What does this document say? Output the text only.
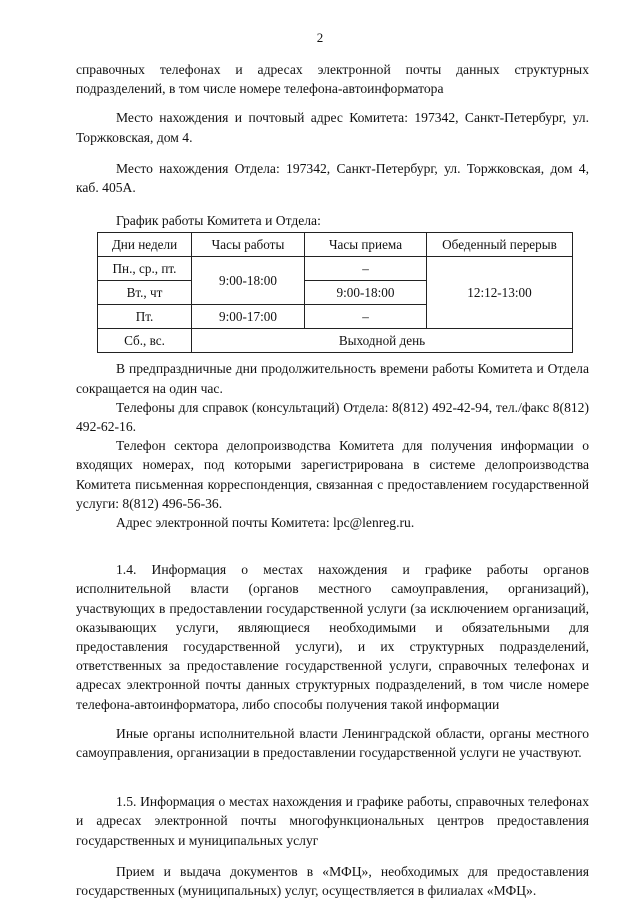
2

справочных телефонах и адресах электронной почты данных структурных подразделений, в том числе номере телефона-автоинформатора

Место нахождения и почтовый адрес Комитета: 197342, Санкт-Петербург, ул. Торжковская, дом 4.

Место нахождения Отдела: 197342, Санкт-Петербург, ул. Торжковская, дом 4, каб. 405А.

График работы Комитета и Отдела:

Дни недели	Часы работы	Часы приема	Обеденный перерыв
Пн., ср., пт.	9:00-18:00	–	12:12-13:00
Вт., чт		9:00-18:00	
Пт.	9:00-17:00	–	
Сб., вс.	Выходной день		

В предпраздничные дни продолжительность времени работы Комитета и Отдела сокращается на один час.

Телефоны для справок (консультаций) Отдела: 8(812) 492-42-94, тел./факс 8(812) 492-62-16.

Телефон сектора делопроизводства Комитета для получения информации о входящих номерах, под которыми зарегистрирована в системе делопроизводства Комитета письменная корреспонденция, связанная с предоставлением государственной услуги: 8(812) 496-56-36.

Адрес электронной почты Комитета: lpc@lenreg.ru.

1.4. Информация о местах нахождения и графике работы органов исполнительной власти (органов местного самоуправления, организаций), участвующих в предоставлении государственной услуги (за исключением организаций, оказывающих услуги, являющиеся необходимыми и обязательными для предоставления государственной услуги), и их структурных подразделений, ответственных за предоставление государственной услуги, справочных телефонах и адресах электронной почты данных структурных подразделений, в том числе номере телефона-автоинформатора, либо способы получения такой информации

Иные органы исполнительной власти Ленинградской области, органы местного самоуправления, организации в предоставлении государственной услуги не участвуют.

1.5. Информация о местах нахождения и графике работы, справочных телефонах и адресах электронной почты многофункциональных центров предоставления государственных и муниципальных услуг

Прием и выдача документов в «МФЦ», необходимых для предоставления государственных (муниципальных) услуг, осуществляется в филиалах «МФЦ».
